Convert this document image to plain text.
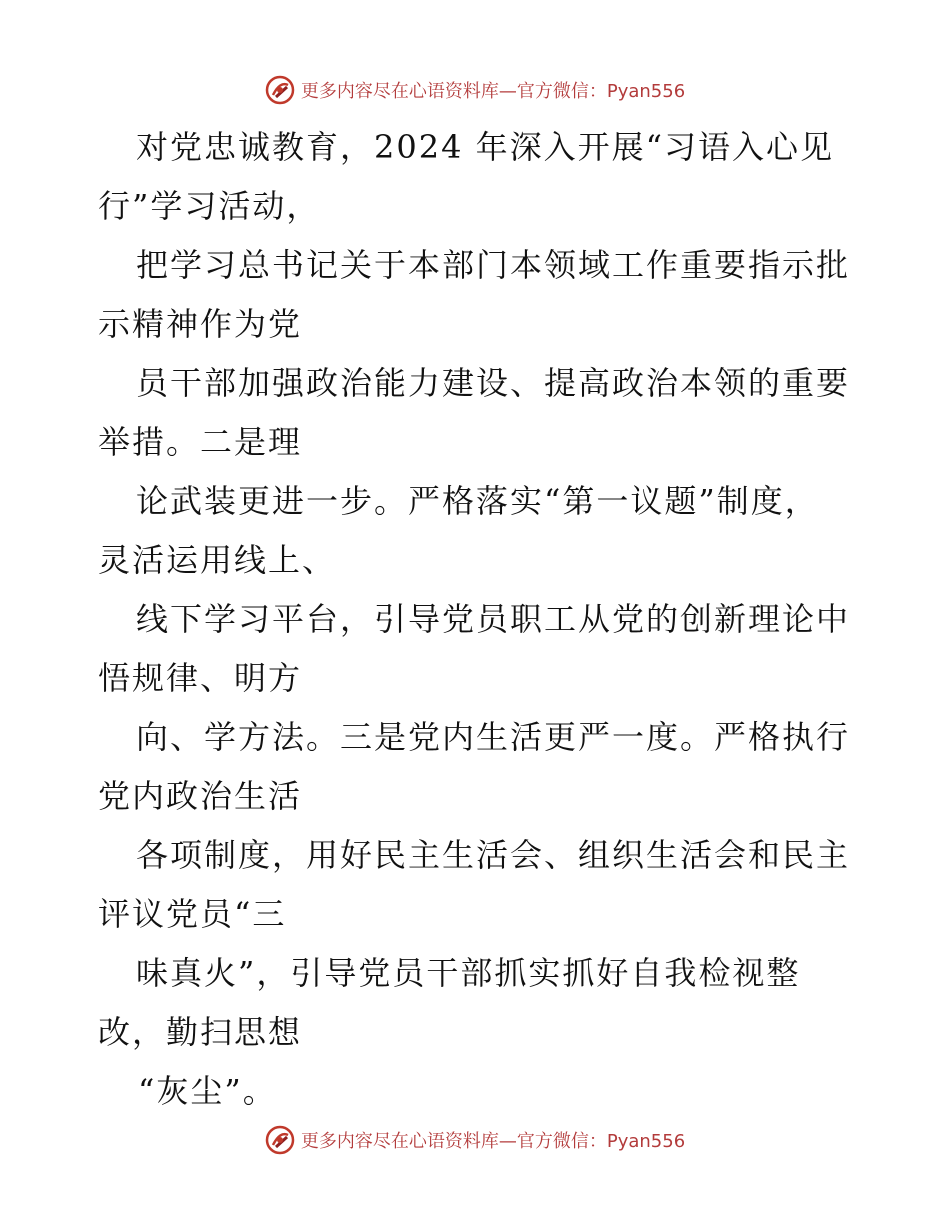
更多内容尽在心语资料库—官方微信：Pyan556
对党忠诚教育，2024 年深入开展“习语入心见
行”学习活动，
把学习总书记关于本部门本领域工作重要指示批
示精神作为党
员干部加强政治能力建设、提高政治本领的重要
举措。二是理
论武装更进一步。严格落实“第一议题”制度，
灵活运用线上、
线下学习平台，引导党员职工从党的创新理论中
悟规律、明方
向、学方法。三是党内生活更严一度。严格执行
党内政治生活
各项制度，用好民主生活会、组织生活会和民主
评议党员“三
味真火”，引导党员干部抓实抓好自我检视整
改，勤扫思想
“灰尘”。
更多内容尽在心语资料库—官方微信：Pyan556
